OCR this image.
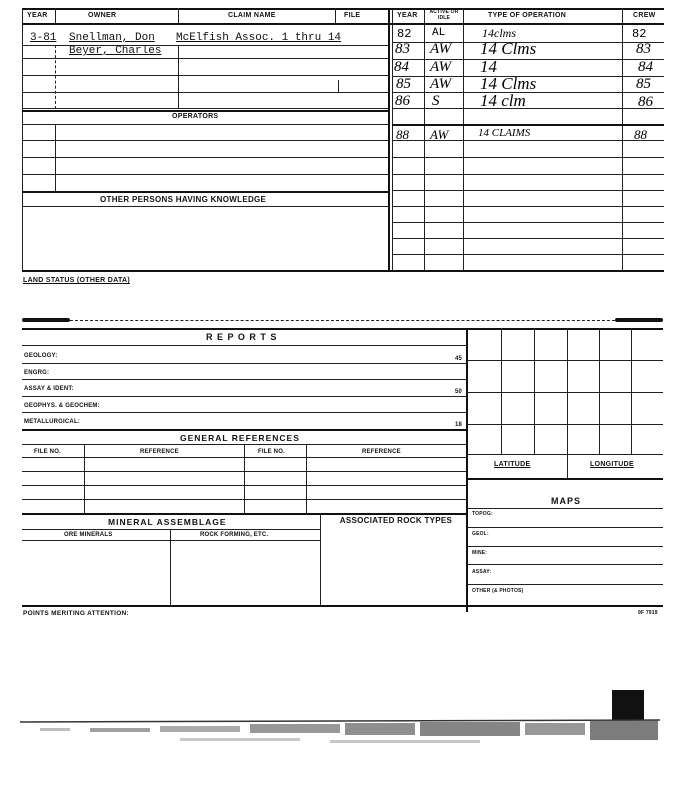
YEAR	OWNER	CLAIM NAME	FILE
3-81 Snellman, Don McElfish Assoc. 1 thru 14
Beyer, Charles
OPERATORS
OTHER PERSONS HAVING KNOWLEDGE
YEAR	ACTIVE OR IDLE	TYPE OF OPERATION	CREW
82 AL	14clms	82
83 AW 14 Clms	83
84 AW 14	84
85 AW 14 Clms	85
86 S 14 clm	86
88 AW	14 CLAIMS	88
LAND STATUS (OTHER DATA)
R E P O R T S
GEOLOGY:	45
ENGRG:
ASSAY & IDENT:	50
GEOPHYS. & GEOCHEM:
METALLURGICAL:	18
GENERAL REFERENCES
FILE NO.	REFERENCE	FILE NO.	REFERENCE
MINERAL ASSEMBLAGE	ASSOCIATED ROCK TYPES
ORE MINERALS	ROCK FORMING, ETC.
POINTS MERITING ATTENTION:	9F 7919
LATITUDE	LONGITUDE
MAPS
TOPOG:
GEOL:
MINE:
ASSAY:
OTHER (& PHOTOS)
